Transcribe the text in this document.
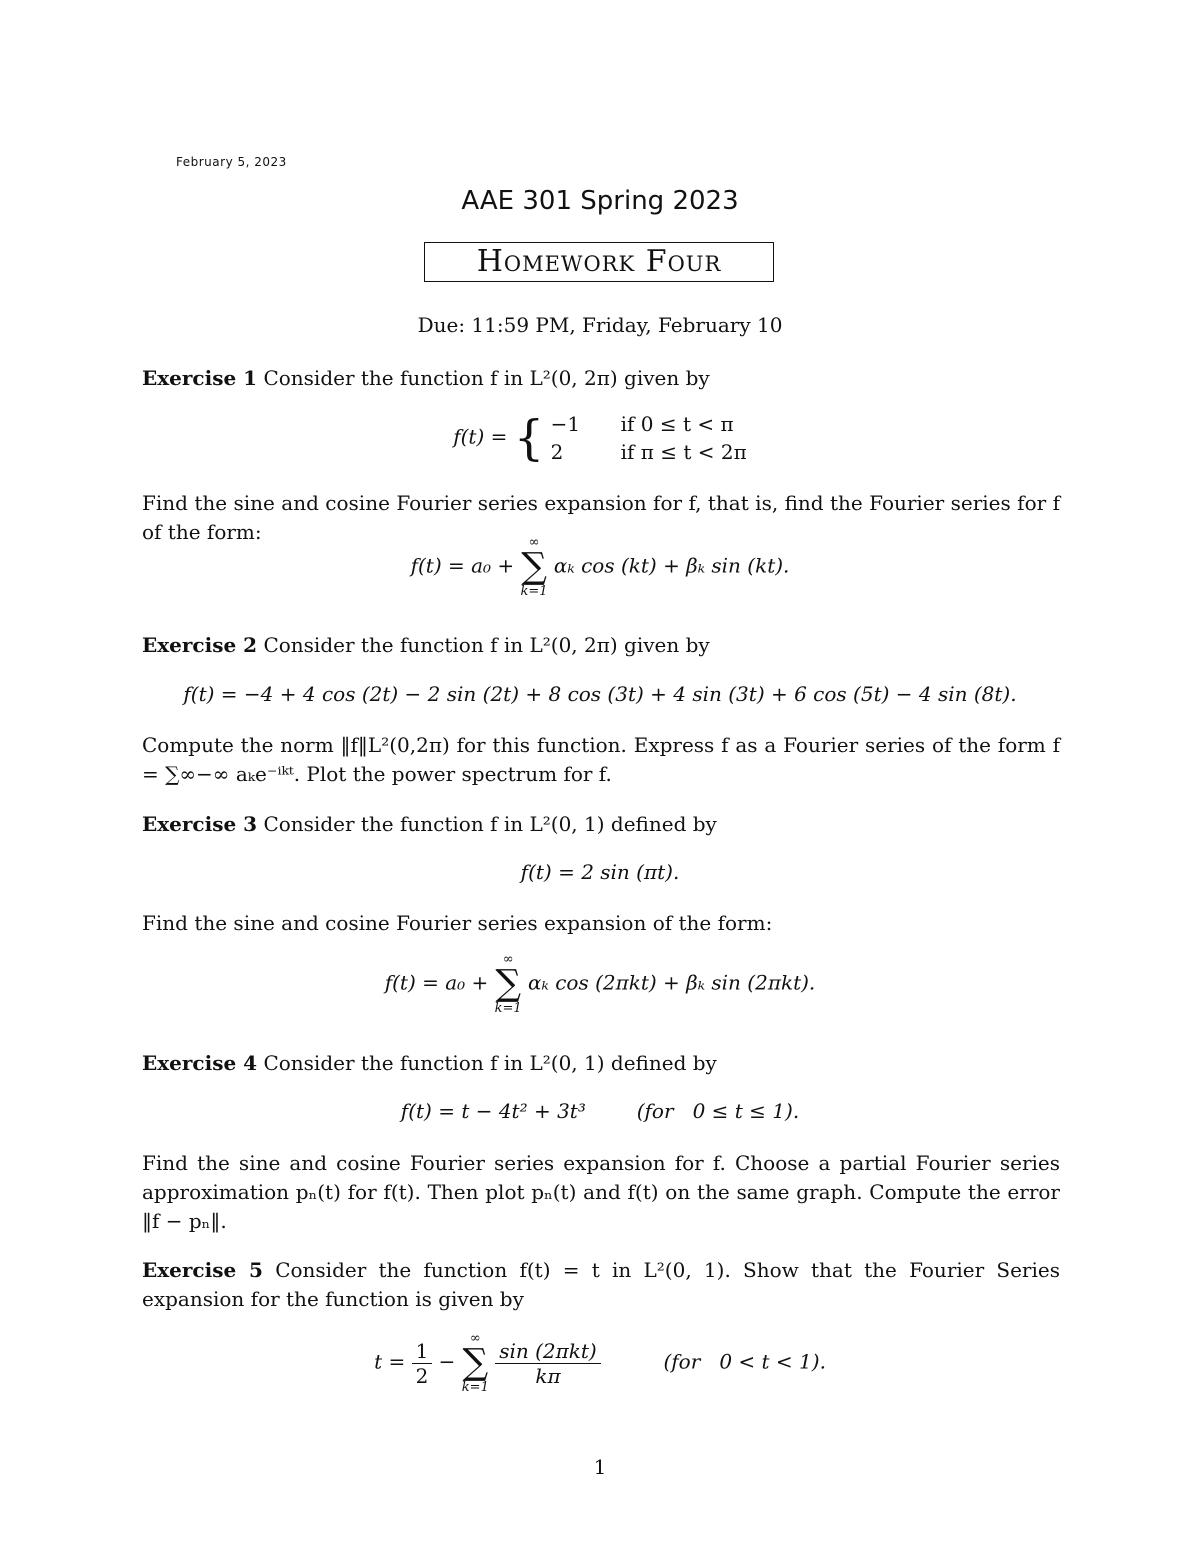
February 5, 2023
AAE 301 Spring 2023
Homework Four
Due: 11:59 PM, Friday, February 10
Exercise 1 Consider the function f in L²(0, 2π) given by
f(t) = { −1 if 0 ≤ t < π
2	if π ≤ t < 2π
Find the sine and cosine Fourier series expansion for f, that is, find the Fourier series for f of the form:
f(t) = a₀ +
∞
∑
k=1
αₖ cos (kt) + βₖ sin (kt).
Exercise 2 Consider the function f in L²(0, 2π) given by
f(t) = −4 + 4 cos (2t) − 2 sin (2t) + 8 cos (3t) + 4 sin (3t) + 6 cos (5t) − 4 sin (8t).
Compute the norm ‖f‖L²(0,2π) for this function. Express f as a Fourier series of the form f = ∑∞−∞ aₖe⁻ⁱᵏᵗ. Plot the power spectrum for f.
Exercise 3 Consider the function f in L²(0, 1) defined by
f(t) = 2 sin (πt).
Find the sine and cosine Fourier series expansion of the form:
f(t) = a₀ +
∞
∑
k=1
αₖ cos (2πkt) + βₖ sin (2πkt).
Exercise 4 Consider the function f in L²(0, 1) defined by
f(t) = t − 4t² + 3t³        (for   0 ≤ t ≤ 1).
Find the sine and cosine Fourier series expansion for f. Choose a partial Fourier series approximation pₙ(t) for f(t). Then plot pₙ(t) and f(t) on the same graph. Compute the error ‖f − pₙ‖.
Exercise 5 Consider the function f(t) = t in L²(0, 1). Show that the Fourier Series expansion for the function is given by
$t = \frac{1}{2}$ −
∞
∑
k=1
$\frac{\text{sin (2πkt)}}{k\pi}$	(for   0 < t < 1).
1
